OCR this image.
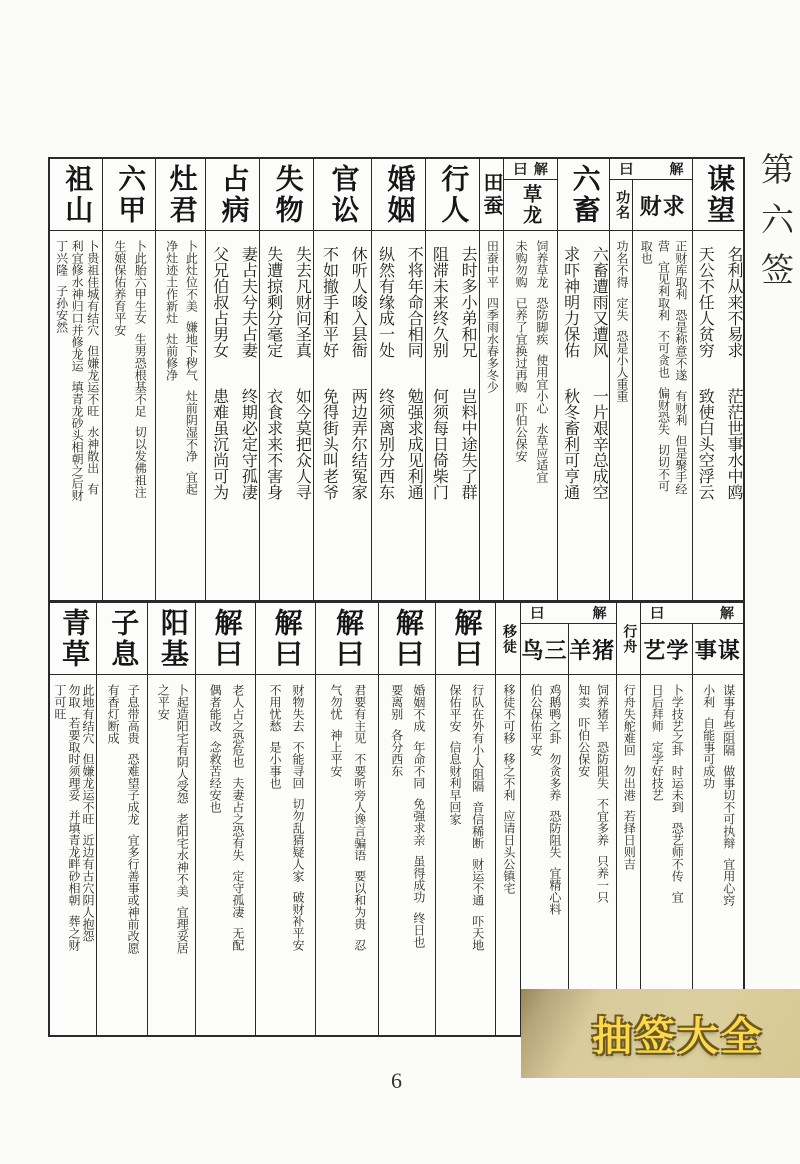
第六签
祖山
卜贵祖佳城有结穴但嫌龙运不旺水神散出有
利宜修水神归口并修龙运填青龙砂头相朝之后财
丁兴隆子孙安然
六甲
卜此胎六甲生女生男恐根基不足切以发佛祖注
生娘保佑养育平安
灶君
卜此灶位不美嫌地下秽气灶前阴湿不净宜起
净灶迹土作新灶灶前修净
占病
妻占夫兮夫占妻终期必定守孤凄
父兄伯叔占男女患难虽沉尚可为
失物
失去凡财问圣真如今莫把众人寻
失遭掠剩分毫定衣食求来不害身
官讼
休听人唆入县衙两边弄尔结冤家
不如撤手和平好免得街头叫老爷
婚姻
不将年命合相同勉强求成见利通
纵然有缘成一处终须离别分西东
行人
去时多小弟和兄岂料中途失了群
阻滞未来终久别何须每日倚柴门
田蚕
田蚕中平四季雨水春多冬少
曰 解
草龙
饲养草龙恐防脚疾使用宜小心水草应适宜
未购勿购已养了宜换过再购吓伯公保安
六畜
六畜遭雨又遭风一片艰辛总成空
求吓神明力保佑秋冬畜利可亨通
曰	解
功名
功名不得定失恐是小人重重
财求
正财库取利恐是称意不遂有财利但是聚手经
营宜见利取利不可贪也偏财恐失切切不可
取也
谋望
名利从来不易求茫茫世事水中鸥
天公不任人贫穷致使白头空浮云
青草
此地有结穴但嫌龙运不旺近边有古穴阴人抱怨
勿取若要取时须理妥并填青龙畔砂相朝葬之财
丁可旺
子息
子息带高贵恐难望子成龙宜多行善事或神前改愿
有香灯断成
阳基
卜起造阳宅有阴人受怨老阳宅水神不美宜理妥居
之平安
解曰
老人占之恐危也夫妻占之恐有失定守孤凄无配
偶者能改念救苦经安也
解曰
财物失去不能寻回切勿乱猜疑人家破财补平安
不用忧愁是小事也
解曰
君要有主见不要听旁人谗言骗语要以和为贵忍
气勿忧神上平安
解曰
婚姻不成年命不同免强求亲虽得成功终日也
要离别各分西东
解曰
行队在外有小人阻隔音信稀断财运不通吓天地
保佑平安信息财利早回家
移徒
移徒不可移移之不利应请日头公镇宅
曰	解
鸟三
鸡鹅鸭之卦勿贪多养恐防阻失宜精心料
伯公保佑平安
羊猪
饲养猪羊恐防阻失不宜多养只养一只
知卖吓伯公保安
行舟
行舟失舵难回勿出港若择日则吉
曰	解
艺学
卜学技艺之卦时运未到恐艺师不传宜
日后拜师定学好技艺
事谋
谋事有些阻隔做事切不可执辩宜用心窍
小利自能事可成功
抽签大全
6
